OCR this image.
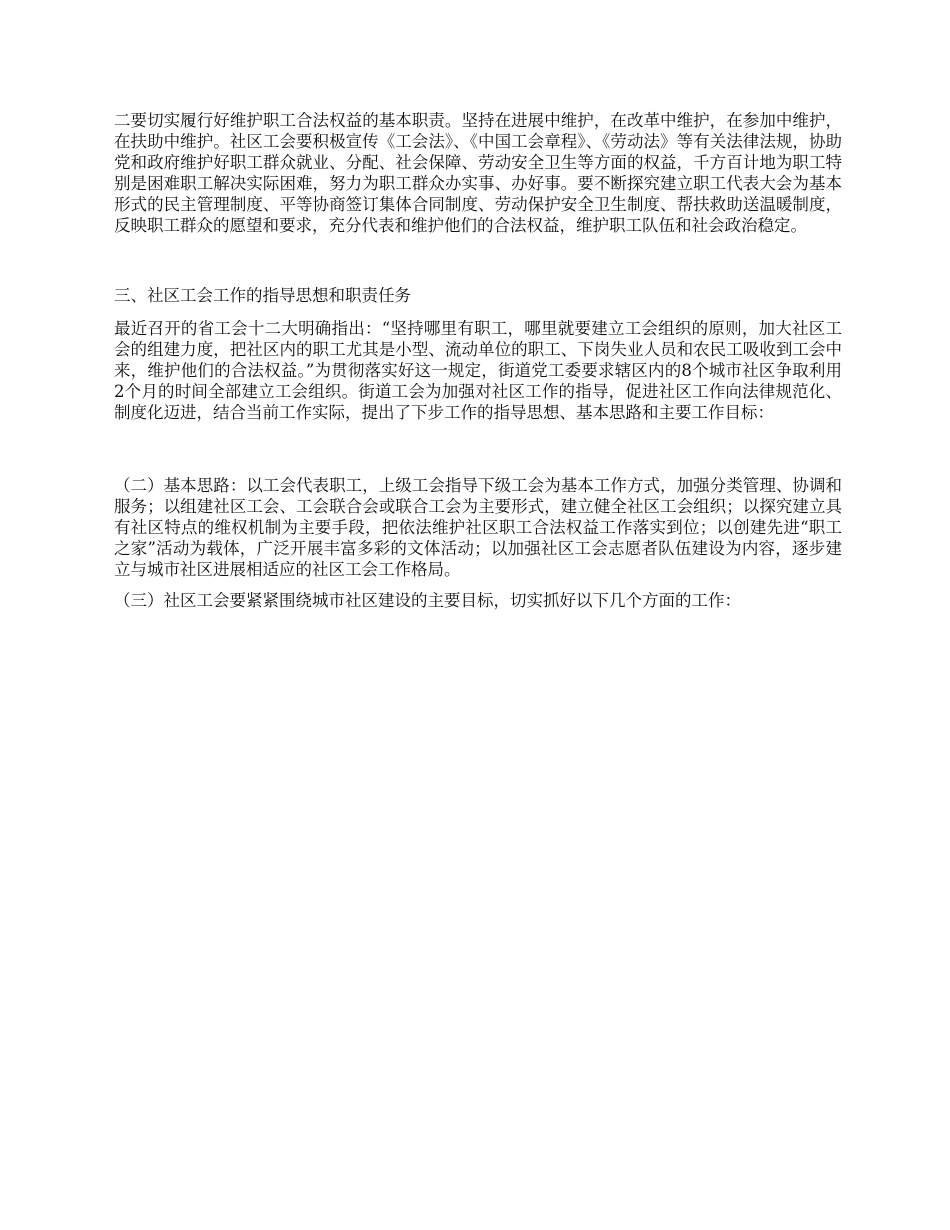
二要切实履行好维护职工合法权益的基本职责。坚持在进展中维护，在改革中维护，在参加中维护，在扶助中维护。社区工会要积极宣传《工会法》、《中国工会章程》、《劳动法》等有关法律法规，协助党和政府维护好职工群众就业、分配、社会保障、劳动安全卫生等方面的权益，千方百计地为职工特别是困难职工解决实际困难，努力为职工群众办实事、办好事。要不断探究建立职工代表大会为基本形式的民主管理制度、平等协商签订集体合同制度、劳动保护安全卫生制度、帮扶救助送温暖制度，反映职工群众的愿望和要求，充分代表和维护他们的合法权益，维护职工队伍和社会政治稳定。

三、社区工会工作的指导思想和职责任务

最近召开的省工会十二大明确指出：“坚持哪里有职工，哪里就要建立工会组织的原则，加大社区工会的组建力度，把社区内的职工尤其是小型、流动单位的职工、下岗失业人员和农民工吸收到工会中来，维护他们的合法权益。”为贯彻落实好这一规定，街道党工委要求辖区内的8个城市社区争取利用2个月的时间全部建立工会组织。街道工会为加强对社区工作的指导，促进社区工作向法律规范化、制度化迈进，结合当前工作实际，提出了下步工作的指导思想、基本思路和主要工作目标：

（二）基本思路：以工会代表职工，上级工会指导下级工会为基本工作方式，加强分类管理、协调和服务；以组建社区工会、工会联合会或联合工会为主要形式，建立健全社区工会组织；以探究建立具有社区特点的维权机制为主要手段，把依法维护社区职工合法权益工作落实到位；以创建先进“职工之家”活动为载体，广泛开展丰富多彩的文体活动；以加强社区工会志愿者队伍建设为内容，逐步建立与城市社区进展相适应的社区工会工作格局。

（三）社区工会要紧紧围绕城市社区建设的主要目标，切实抓好以下几个方面的工作：
